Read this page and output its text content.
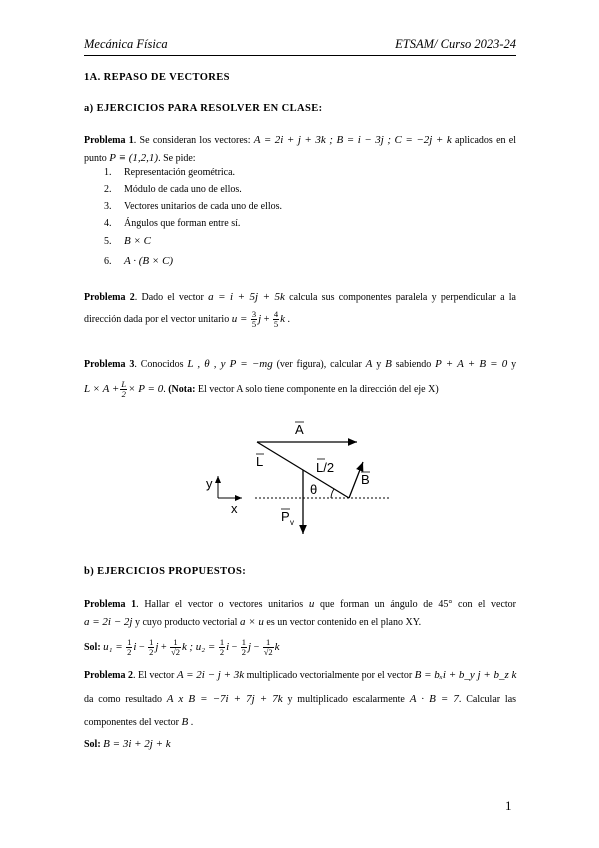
Mecánica Física	ETSAM/ Curso 2023-24
1A. REPASO DE VECTORES
a) EJERCICIOS PARA RESOLVER EN CLASE:
Problema 1. Se consideran los vectores: A = 2i + j + 3k ; B = i − 3j ; C = −2j + k aplicados en el
punto P ≡ (1,2,1). Se pide:
1. Representación geométrica.
2. Módulo de cada uno de ellos.
3. Vectores unitarios de cada uno de ellos.
4. Ángulos que forman entre sí.
5. B × C
6. A · (B × C)
Problema 2. Dado el vector a = i + 5j + 5k calcula sus componentes paralela y perpendicular a la
dirección dada por el vector unitario $u = \frac{3}{5}$ $j + \frac{4}{5}$ k .
Problema 3. Conocidos L , θ , y P = −mg (ver figura), calcular A y B sabiendo P + A + B = 0 y
$L \times A + \frac{L}{2} \times P = 0$. (Nota: El vector A solo tiene componente en la dirección del eje X)
A
L	L/2
θ
B
P v
y
x
b) EJERCICIOS PROPUESTOS:
Problema 1. Hallar el vector o vectores unitarios u que forman un ángulo de 45° con el vector
a = 2i − 2j y cuyo producto vectorial a × u es un vector contenido en el plano XY.
Sol: $u_1 = \frac{1}{2}$ $i - \frac{1}{2}$ $j + \frac{1}{√2}$ k ; $u_2 = \frac{1}{2}$ $i - \frac{1}{2}$ $j - \frac{1}{√2}$ k
Problema 2. El vector A = 2i − j + 3k multiplicado vectorialmente por el vector B = bₓi + b_y j + b_z k
da como resultado A x B = −7i + 7j + 7k y multiplicado escalarmente A · B = 7. Calcular las
componentes del vector B .
Sol: B = 3i + 2j + k
1
